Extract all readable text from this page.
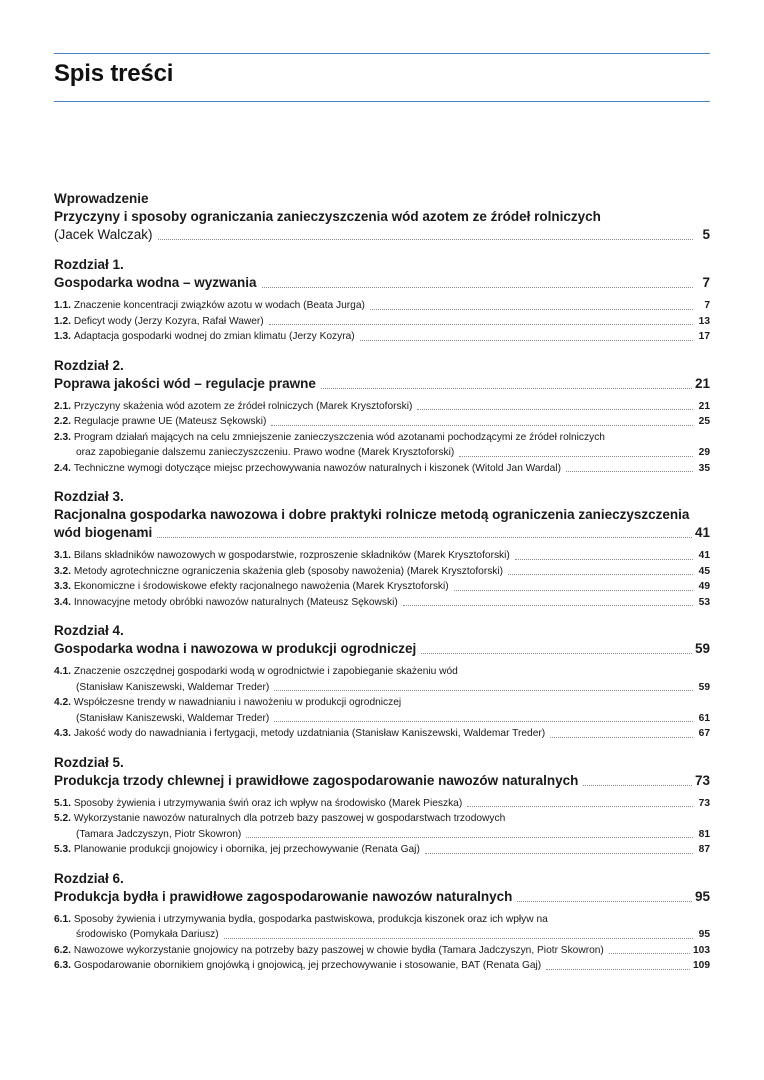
Spis treści
Wprowadzenie
Przyczyny i sposoby ograniczania zanieczyszczenia wód azotem ze źródeł rolniczych
(Jacek Walczak)	5
Rozdział 1.
Gospodarka wodna – wyzwania	7
1.1. Znaczenie koncentracji związków azotu w wodach (Beata Jurga)	7
1.2. Deficyt wody (Jerzy Kozyra, Rafał Wawer)	13
1.3. Adaptacja gospodarki wodnej do zmian klimatu (Jerzy Kozyra)	17
Rozdział 2.
Poprawa jakości wód – regulacje prawne	21
2.1. Przyczyny skażenia wód azotem ze źródeł rolniczych (Marek Krysztoforski)	21
2.2. Regulacje prawne UE (Mateusz Sękowski)	25
2.3. Program działań mających na celu zmniejszenie zanieczyszczenia wód azotanami pochodzącymi ze źródeł rolniczych
oraz zapobieganie dalszemu zanieczyszczeniu. Prawo wodne (Marek Krysztoforski)	29
2.4. Techniczne wymogi dotyczące miejsc przechowywania nawozów naturalnych i kiszonek (Witold Jan Wardal)	35
Rozdział 3.
Racjonalna gospodarka nawozowa i dobre praktyki rolnicze metodą ograniczenia zanieczyszczenia
wód biogenami	41
3.1. Bilans składników nawozowych w gospodarstwie, rozproszenie składników (Marek Krysztoforski)	41
3.2. Metody agrotechniczne ograniczenia skażenia gleb (sposoby nawożenia) (Marek Krysztoforski)	45
3.3. Ekonomiczne i środowiskowe efekty racjonalnego nawożenia (Marek Krysztoforski)	49
3.4. Innowacyjne metody obróbki nawozów naturalnych (Mateusz Sękowski)	53
Rozdział 4.
Gospodarka wodna i nawozowa w produkcji ogrodniczej	59
4.1. Znaczenie oszczędnej gospodarki wodą w ogrodnictwie i zapobieganie skażeniu wód
(Stanisław Kaniszewski, Waldemar Treder)	59
4.2. Współczesne trendy w nawadnianiu i nawożeniu w produkcji ogrodniczej
(Stanisław Kaniszewski, Waldemar Treder)	61
4.3. Jakość wody do nawadniania i fertygacji, metody uzdatniania (Stanisław Kaniszewski, Waldemar Treder)	67
Rozdział 5.
Produkcja trzody chlewnej i prawidłowe zagospodarowanie nawozów naturalnych	73
5.1. Sposoby żywienia i utrzymywania świń oraz ich wpływ na środowisko (Marek Pieszka)	73
5.2. Wykorzystanie nawozów naturalnych dla potrzeb bazy paszowej w gospodarstwach trzodowych
(Tamara Jadczyszyn, Piotr Skowron)	81
5.3. Planowanie produkcji gnojowicy i obornika, jej przechowywanie (Renata Gaj)	87
Rozdział 6.
Produkcja bydła i prawidłowe zagospodarowanie nawozów naturalnych	95
6.1. Sposoby żywienia i utrzymywania bydła, gospodarka pastwiskowa, produkcja kiszonek oraz ich wpływ na
środowisko (Pomykała Dariusz)	95
6.2. Nawozowe wykorzystanie gnojowicy na potrzeby bazy paszowej w chowie bydła (Tamara Jadczyszyn, Piotr Skowron)	103
6.3. Gospodarowanie obornikiem gnojówką i gnojowicą, jej przechowywanie i stosowanie, BAT (Renata Gaj)	109
